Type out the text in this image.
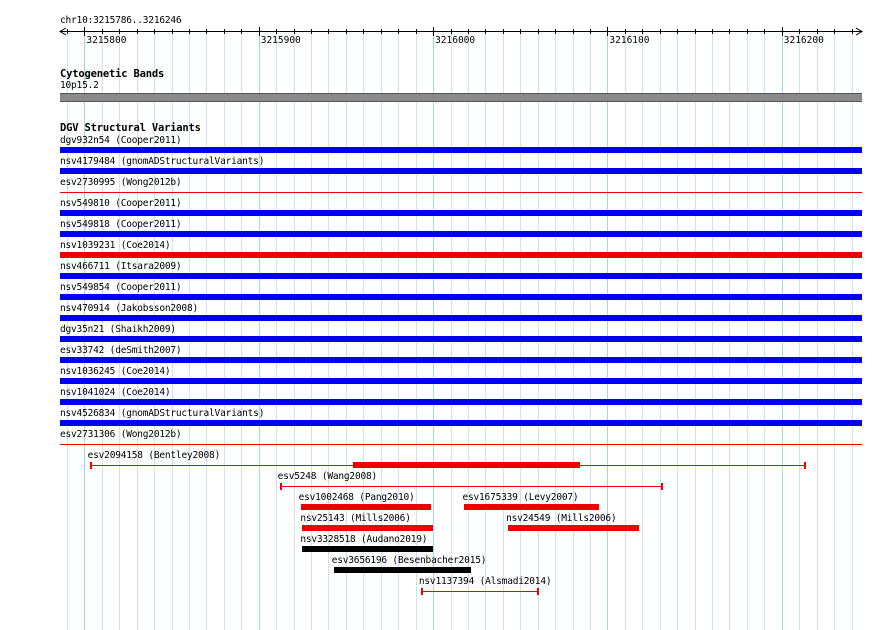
chr10:3215786..3216246
Cytogenetic Bands
10p15.2
DGV Structural Variants
dgv932n54 (Cooper2011)
nsv4179484 (gnomADStructuralVariants)
esv2730995 (Wong2012b)
nsv549810 (Cooper2011)
nsv549818 (Cooper2011)
nsv1039231 (Coe2014)
nsv466711 (Itsara2009)
nsv549854 (Cooper2011)
nsv470914 (Jakobsson2008)
dgv35n21 (Shaikh2009)
esv33742 (deSmith2007)
nsv1036245 (Coe2014)
nsv1041024 (Coe2014)
nsv4526834 (gnomADStructuralVariants)
esv2731306 (Wong2012b)
esv2094158 (Bentley2008)
esv5248 (Wang2008)
esv1002468 (Pang2010)	esv1675339 (Levy2007)
nsv25143 (Mills2006)	nsv24549 (Mills2006)
nsv3328518 (Audano2019)
esv3656196 (Besenbacher2015)
nsv1137394 (Alsmadi2014)
3215800	3215900	3216000	3216100	3216200
